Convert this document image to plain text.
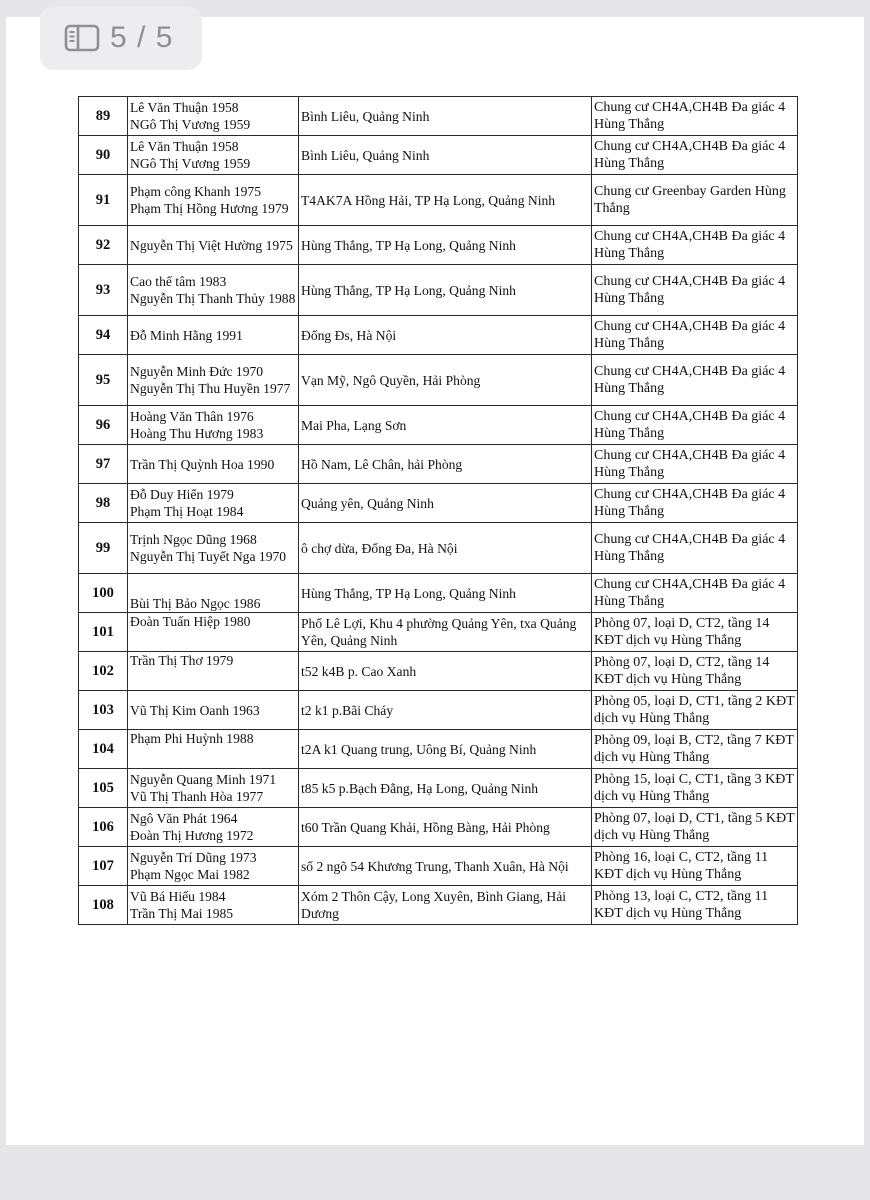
5 / 5
89	Lê Văn Thuận 1958
NGô Thị Vương 1959	Bình Liêu, Quảng Ninh	Chung cư CH4A,CH4B Đa giác 4 Hùng Thắng
90	Lê Văn Thuận 1958
NGô Thị Vương 1959	Bình Liêu, Quảng Ninh	Chung cư CH4A,CH4B Đa giác 4 Hùng Thắng
91	Phạm công Khanh 1975
Phạm Thị Hồng Hương 1979	T4AK7A Hồng Hải, TP Hạ Long, Quảng Ninh	Chung cư Greenbay Garden Hùng Thắng
92	Nguyễn Thị Việt Hường 1975	Hùng Thắng, TP Hạ Long, Quảng Ninh	Chung cư CH4A,CH4B Đa giác 4 Hùng Thắng
93	Cao thế tâm 1983
Nguyễn Thị Thanh Thủy 1988	Hùng Thắng, TP Hạ Long, Quảng Ninh	Chung cư CH4A,CH4B Đa giác 4 Hùng Thắng
94	Đỗ Minh Hằng 1991	Đống Đs, Hà Nội	Chung cư CH4A,CH4B Đa giác 4 Hùng Thắng
95	Nguyễn Minh Đức 1970
Nguyễn Thị Thu Huyền 1977	Vạn Mỹ, Ngô Quyền, Hải Phòng	Chung cư CH4A,CH4B Đa giác 4 Hùng Thắng
96	Hoàng Văn Thân 1976
Hoàng Thu Hương 1983	Mai Pha, Lạng Sơn	Chung cư CH4A,CH4B Đa giác 4 Hùng Thắng
97	Trần Thị Quỳnh Hoa 1990	Hồ Nam, Lê Chân, hải Phòng	Chung cư CH4A,CH4B Đa giác 4 Hùng Thắng
98	Đỗ Duy Hiển 1979
Phạm Thị Hoạt 1984	Quảng yên, Quảng Ninh	Chung cư CH4A,CH4B Đa giác 4 Hùng Thắng
99	Trịnh Ngọc Dũng 1968
Nguyễn Thị Tuyết Nga 1970	ô chợ dừa, Đống Đa, Hà Nội	Chung cư CH4A,CH4B Đa giác 4 Hùng Thắng
100	Bùi Thị Bảo Ngọc 1986	Hùng Thắng, TP Hạ Long, Quảng Ninh	Chung cư CH4A,CH4B Đa giác 4 Hùng Thắng
101	Đoàn Tuấn Hiệp 1980	Phố Lê Lợi, Khu 4 phường Quảng Yên, txa Quảng Yên, Quảng Ninh	Phòng 07, loại D, CT2, tầng 14 KĐT dịch vụ Hùng Thắng
102	Trần Thị Thơ 1979	t52 k4B p. Cao Xanh	Phòng 07, loại D, CT2, tầng 14 KĐT dịch vụ Hùng Thắng
103	Vũ Thị Kim Oanh 1963	t2 k1 p.Bãi Cháy	Phòng 05, loại D, CT1, tầng 2 KĐT dịch vụ Hùng Thắng
104	Phạm Phi Huỳnh 1988	t2A k1 Quang trung, Uông Bí, Quảng Ninh	Phòng 09, loại B, CT2, tầng 7 KĐT dịch vụ Hùng Thắng
105	Nguyễn Quang Minh 1971
Vũ Thị Thanh Hòa 1977	t85 k5 p.Bạch Đằng, Hạ Long, Quảng Ninh	Phòng 15, loại C, CT1, tầng 3 KĐT dịch vụ Hùng Thắng
106	Ngô Văn Phát 1964
Đoàn Thị Hương 1972	t60 Trần Quang Khải, Hồng Bàng, Hải Phòng	Phòng 07, loại D, CT1, tầng 5 KĐT dịch vụ Hùng Thắng
107	Nguyễn Trí Dũng 1973
Phạm Ngọc Mai 1982	số 2 ngõ 54 Khương Trung, Thanh Xuân, Hà Nội	Phòng 16, loại C, CT2, tầng 11 KĐT dịch vụ Hùng Thắng
108	Vũ Bá Hiếu 1984
Trần Thị Mai 1985	Xóm 2 Thôn Cậy, Long Xuyên, Bình Giang, Hải Dương	Phòng 13, loại C, CT2, tầng 11 KĐT dịch vụ Hùng Thắng
